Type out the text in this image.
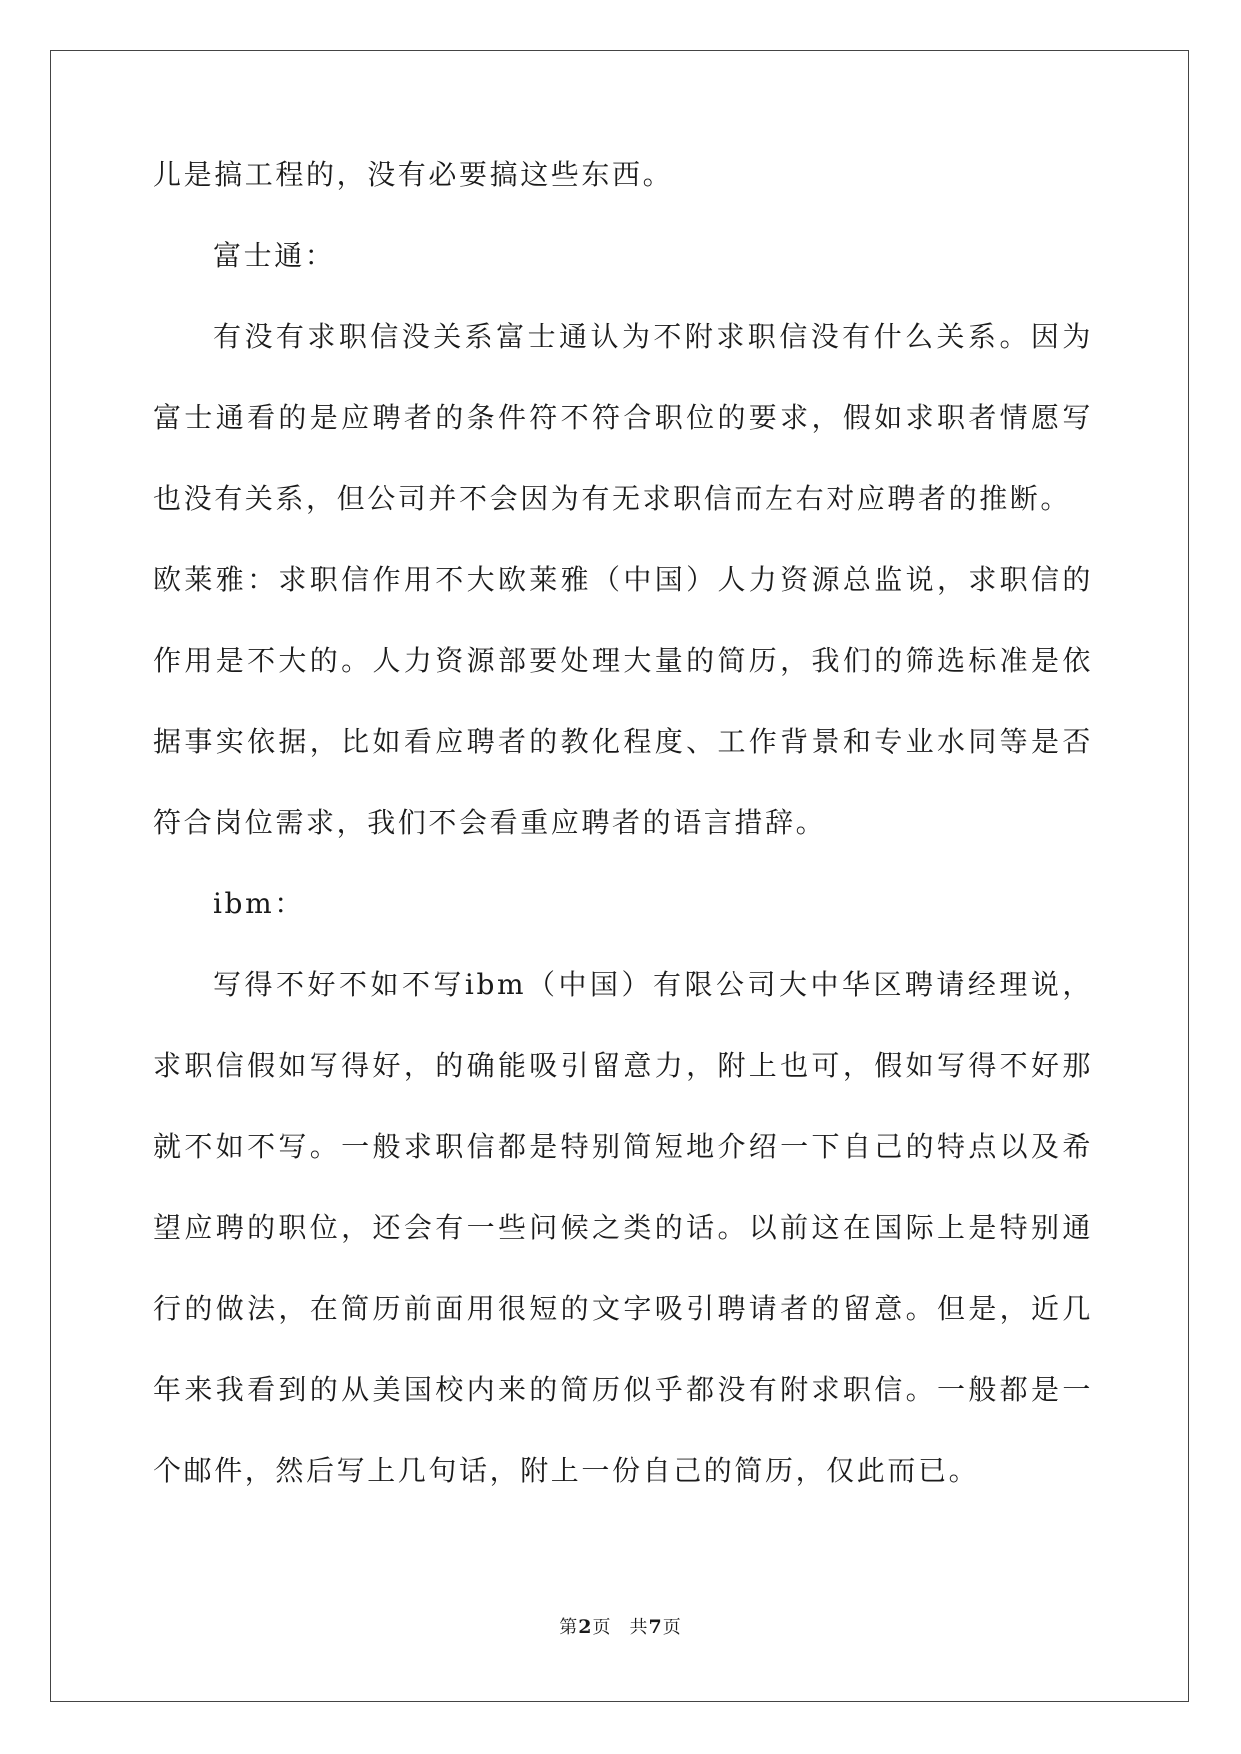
儿是搞工程的，没有必要搞这些东西。

富士通：

有没有求职信没关系富士通认为不附求职信没有什么关系。因为富士通看的是应聘者的条件符不符合职位的要求，假如求职者情愿写也没有关系，但公司并不会因为有无求职信而左右对应聘者的推断。

欧莱雅：求职信作用不大欧莱雅（中国）人力资源总监说，求职信的作用是不大的。人力资源部要处理大量的简历，我们的筛选标准是依据事实依据，比如看应聘者的教化程度、工作背景和专业水同等是否符合岗位需求，我们不会看重应聘者的语言措辞。

ibm：

写得不好不如不写ibm（中国）有限公司大中华区聘请经理说，求职信假如写得好，的确能吸引留意力，附上也可，假如写得不好那就不如不写。一般求职信都是特别简短地介绍一下自己的特点以及希望应聘的职位，还会有一些问候之类的话。以前这在国际上是特别通行的做法，在简历前面用很短的文字吸引聘请者的留意。但是，近几年来我看到的从美国校内来的简历似乎都没有附求职信。一般都是一个邮件，然后写上几句话，附上一份自己的简历，仅此而已。

第2页 共7页
